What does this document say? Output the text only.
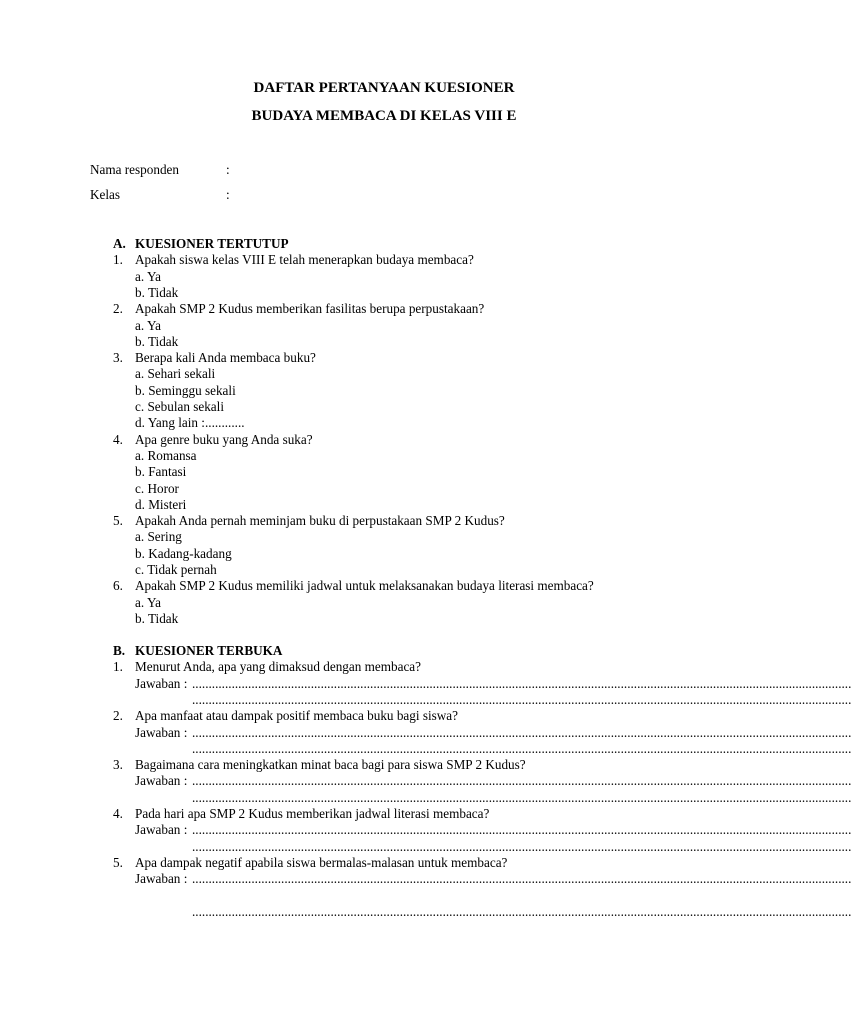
DAFTAR PERTANYAAN KUESIONER
BUDAYA MEMBACA DI KELAS VIII E
Nama responden	:
Kelas	:
A. KUESIONER TERTUTUP
1. Apakah siswa kelas VIII E telah menerapkan budaya membaca?
a. Ya
b. Tidak
2. Apakah SMP 2 Kudus memberikan fasilitas berupa perpustakaan?
a. Ya
b. Tidak
3. Berapa kali Anda membaca buku?
a. Sehari sekali
b. Seminggu sekali
c. Sebulan sekali
d. Yang lain :............
4. Apa genre buku yang Anda suka?
a. Romansa
b. Fantasi
c. Horor
d. Misteri
5. Apakah Anda pernah meminjam buku di perpustakaan SMP 2 Kudus?
a. Sering
b. Kadang-kadang
c. Tidak pernah
6. Apakah SMP 2 Kudus memiliki jadwal untuk melaksanakan budaya literasi membaca?
a. Ya
b. Tidak
B. KUESIONER TERBUKA
1. Menurut Anda, apa yang dimaksud dengan membaca?
Jawaban : ........................................................................................................................................................................................................
........................................................................................................................................................................................................
2. Apa manfaat atau dampak positif membaca buku bagi siswa?
Jawaban : ........................................................................................................................................................................................................
........................................................................................................................................................................................................
3. Bagaimana cara meningkatkan minat baca bagi para siswa SMP 2 Kudus?
Jawaban : ........................................................................................................................................................................................................
........................................................................................................................................................................................................
4. Pada hari apa SMP 2 Kudus memberikan jadwal literasi membaca?
Jawaban : ........................................................................................................................................................................................................
........................................................................................................................................................................................................
5. Apa dampak negatif apabila siswa bermalas-malasan untuk membaca?
Jawaban : ........................................................................................................................................................................................................
........................................................................................................................................................................................................
